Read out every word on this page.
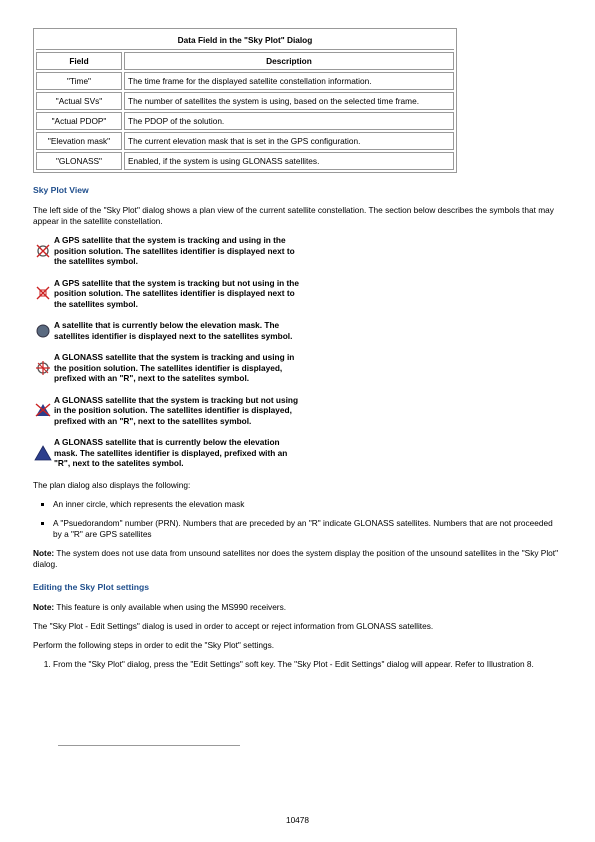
Data Field in the "Sky Plot" Dialog	
Field	Description
"Time"	The time frame for the displayed satellite constellation information.
"Actual SVs"	The number of satellites the system is using, based on the selected time frame.
"Actual PDOP"	The PDOP of the solution.
"Elevation mask"	The current elevation mask that is set in the GPS configuration.
"GLONASS"	Enabled, if the system is using GLONASS satellites.
Sky Plot View

The left side of the "Sky Plot" dialog shows a plan view of the current satellite constellation. The section below describes the symbols that may appear in the satellite constellation.

A GPS satellite that the system is tracking and using in the position solution. The satellites identifier is displayed next to the satellites symbol.
A GPS satellite that the system is tracking but not using in the position solution. The satellites identifier is displayed next to the satellites symbol.
A satellite that is currently below the elevation mask. The satellites identifier is displayed next to the satellites symbol.
A GLONASS satellite that the system is tracking and using in the position solution. The satellites identifier is displayed, prefixed with an "R", next to the satelites symbol.
A GLONASS satellite that the system is tracking but not using in the position solution. The satellites identifier is displayed, prefixed with an "R", next to the satellites symbol.
A GLONASS satellite that is currently below the elevation mask. The satellites identifier is displayed, prefixed with an "R", next to the satelites symbol.

The plan dialog also displays the following:

An inner circle, which represents the elevation mask
A "Psuedorandom" number (PRN). Numbers that are preceded by an "R" indicate GLONASS satellites. Numbers that are not proceeded by a "R" are GPS satellites

Note: The system does not use data from unsound satellites nor does the system display the position of the unsound satellites in the "Sky Plot" dialog.

Editing the Sky Plot settings

Note: This feature is only available when using the MS990 receivers.

The "Sky Plot - Edit Settings" dialog is used in order to accept or reject information from GLONASS satellites.

Perform the following steps in order to edit the "Sky Plot" settings.

1. From the "Sky Plot" dialog, press the "Edit Settings" soft key. The "Sky Plot - Edit Settings" dialog will appear. Refer to Illustration 8.
10478
